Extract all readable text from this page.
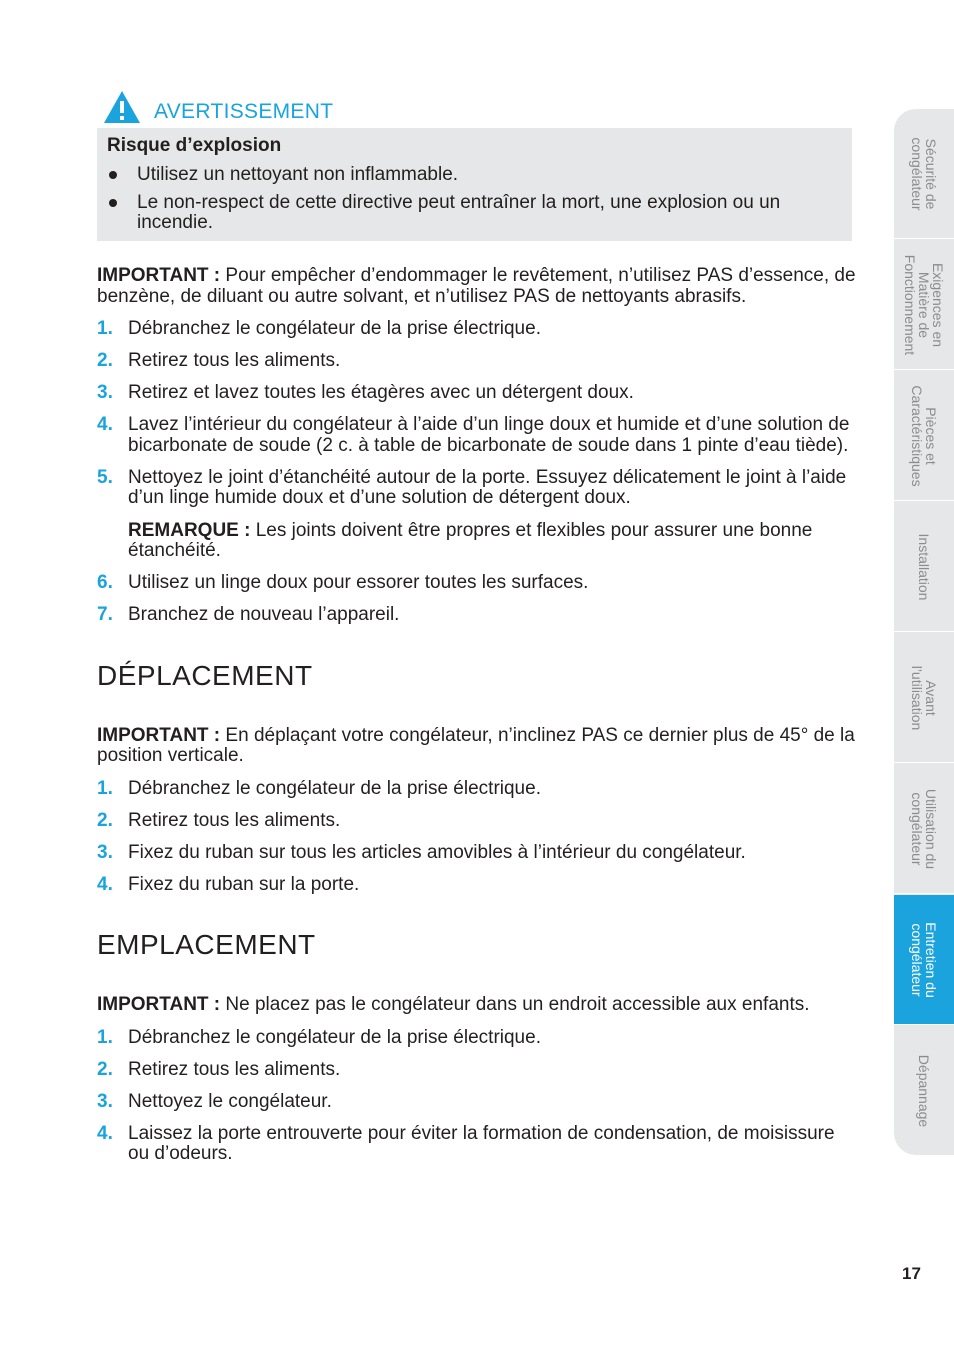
AVERTISSEMENT
Risque d’explosion
Utilisez un nettoyant non inflammable.
Le non-respect de cette directive peut entraîner la mort, une explosion ou un incendie.

IMPORTANT : Pour empêcher d’endommager le revêtement, n’utilisez PAS d’essence, de benzène, de diluant ou autre solvant, et n’utilisez PAS de nettoyants abrasifs.

1. Débranchez le congélateur de la prise électrique.
2. Retirez tous les aliments.
3. Retirez et lavez toutes les étagères avec un détergent doux.
4. Lavez l’intérieur du congélateur à l’aide d’un linge doux et humide et d’une solution de bicarbonate de soude (2 c. à table de bicarbonate de soude dans 1 pinte d’eau tiède).
5. Nettoyez le joint d’étanchéité autour de la porte. Essuyez délicatement le joint à l’aide d’un linge humide doux et d’une solution de détergent doux.

REMARQUE : Les joints doivent être propres et flexibles pour assurer une bonne étanchéité.

6. Utilisez un linge doux pour essorer toutes les surfaces.
7. Branchez de nouveau l’appareil.
DÉPLACEMENT

IMPORTANT : En déplaçant votre congélateur, n’inclinez PAS ce dernier plus de 45° de la position verticale.

1. Débranchez le congélateur de la prise électrique.
2. Retirez tous les aliments.
3. Fixez du ruban sur tous les articles amovibles à l’intérieur du congélateur.
4. Fixez du ruban sur la porte.
EMPLACEMENT

IMPORTANT : Ne placez pas le congélateur dans un endroit accessible aux enfants.

1. Débranchez le congélateur de la prise électrique.
2. Retirez tous les aliments.
3. Nettoyez le congélateur.
4. Laissez la porte entrouverte pour éviter la formation de condensation, de moisissure ou d’odeurs.
Sécurité de
congélateur
Exigences en
Matière de
Fonctionnement
Pièces et
Caractéristiques
Installation
Avant
l’utilisation
Utilisation du
congélateur
Entretien du
congélateur
Dépannage
17
